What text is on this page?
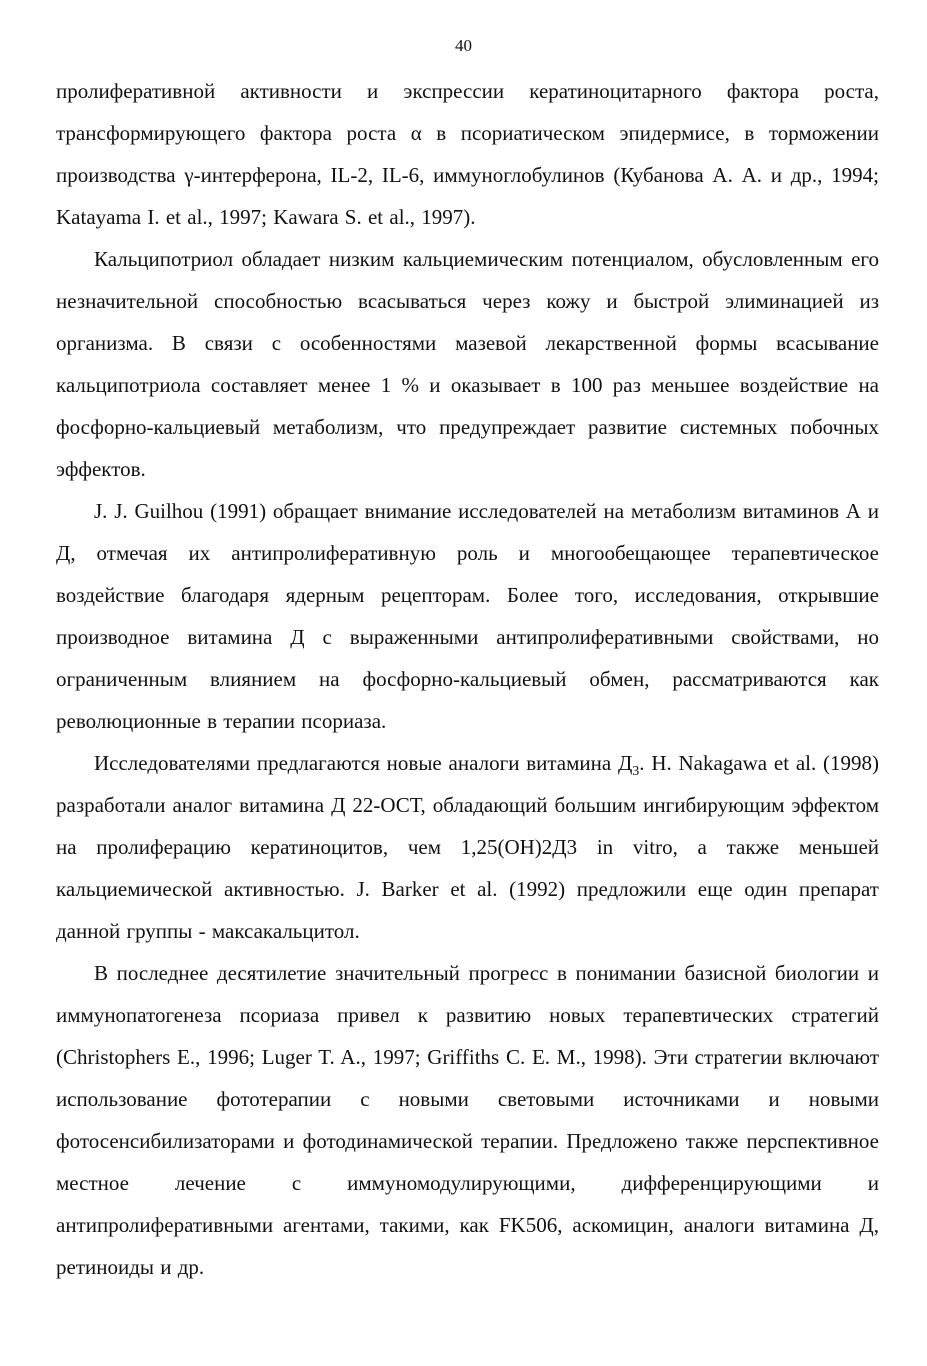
40

пролиферативной активности и экспрессии кератиноцитарного фактора роста, трансформирующего фактора роста α в псориатическом эпидермисе, в торможении производства γ-интерферона, IL-2, IL-6, иммуноглобулинов (Кубанова А. А. и др., 1994; Katayama I. et al., 1997; Kawara S. et al., 1997).

Кальципотриол обладает низким кальциемическим потенциалом, обусловленным его незначительной способностью всасываться через кожу и быстрой элиминацией из организма. В связи с особенностями мазевой лекарственной формы всасывание кальципотриола составляет менее 1 % и оказывает в 100 раз меньшее воздействие на фосфорно-кальциевый метаболизм, что предупреждает развитие системных побочных эффектов.

J. J. Guilhou (1991) обращает внимание исследователей на метаболизм витаминов А и Д, отмечая их антипролиферативную роль и многообещающее терапевтическое воздействие благодаря ядерным рецепторам. Более того, исследования, открывшие производное витамина Д с выраженными антипролиферативными свойствами, но ограниченным влиянием на фосфорно-кальциевый обмен, рассматриваются как революционные в терапии псориаза.

Исследователями предлагаются новые аналоги витамина $Д_3$. H. Nakagawa et al. (1998) разработали аналог витамина Д 22-ОСТ, обладающий большим ингибирующим эффектом на пролиферацию кератиноцитов, чем 1,25(ОН)2Д3 in vitro, а также меньшей кальциемической активностью. J. Barker et al. (1992) предложили еще один препарат данной группы - максакальцитол.

В последнее десятилетие значительный прогресс в понимании базисной биологии и иммунопатогенеза псориаза привел к развитию новых терапевтических стратегий (Christophers E., 1996; Luger T. A., 1997; Griffiths C. E. M., 1998). Эти стратегии включают использование фототерапии с новыми световыми источниками и новыми фотосенсибилизаторами и фотодинамической терапии. Предложено также перспективное местное лечение с иммуномодулирующими, дифференцирующими и антипролиферативными агентами, такими, как FK506, аскомицин, аналоги витамина Д, ретиноиды и др.
